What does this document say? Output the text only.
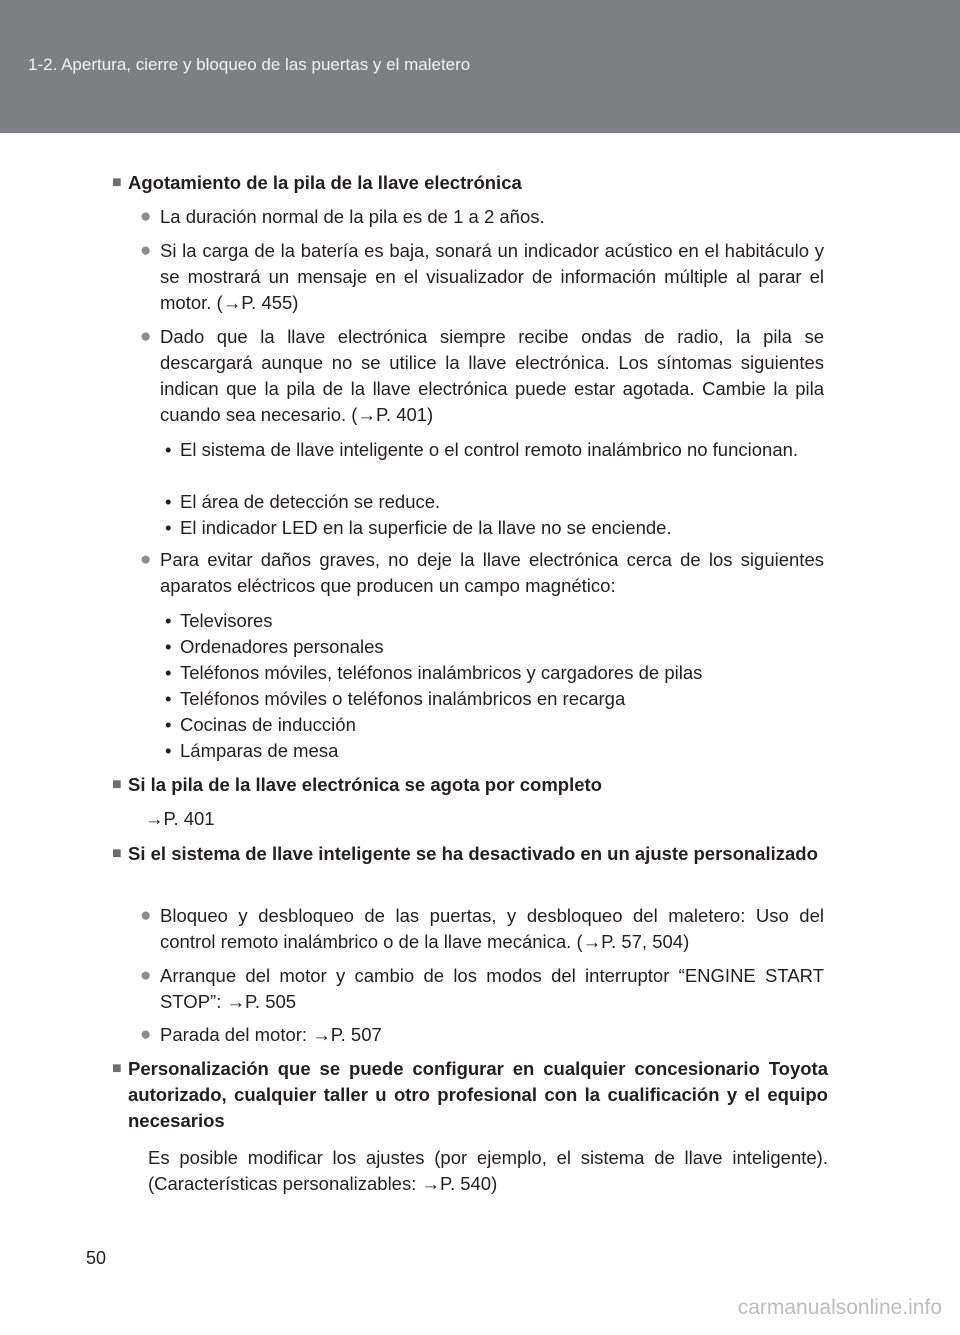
1-2. Apertura, cierre y bloqueo de las puertas y el maletero
■ Agotamiento de la pila de la llave electrónica
● La duración normal de la pila es de 1 a 2 años.
● Si la carga de la batería es baja, sonará un indicador acústico en el habitáculo y se mostrará un mensaje en el visualizador de información múltiple al parar el motor. (→P. 455)
● Dado que la llave electrónica siempre recibe ondas de radio, la pila se descargará aunque no se utilice la llave electrónica. Los síntomas siguientes indican que la pila de la llave electrónica puede estar agotada. Cambie la pila cuando sea necesario. (→P. 401)
• El sistema de llave inteligente o el control remoto inalámbrico no funcionan.
• El área de detección se reduce.
• El indicador LED en la superficie de la llave no se enciende.
● Para evitar daños graves, no deje la llave electrónica cerca de los siguientes aparatos eléctricos que producen un campo magnético:
• Televisores
• Ordenadores personales
• Teléfonos móviles, teléfonos inalámbricos y cargadores de pilas
• Teléfonos móviles o teléfonos inalámbricos en recarga
• Cocinas de inducción
• Lámparas de mesa
■ Si la pila de la llave electrónica se agota por completo
→P. 401
■ Si el sistema de llave inteligente se ha desactivado en un ajuste personalizado
● Bloqueo y desbloqueo de las puertas, y desbloqueo del maletero: Uso del control remoto inalámbrico o de la llave mecánica. (→P. 57, 504)
● Arranque del motor y cambio de los modos del interruptor “ENGINE START STOP”: →P. 505
● Parada del motor: →P. 507
■ Personalización que se puede configurar en cualquier concesionario Toyota autorizado, cualquier taller u otro profesional con la cualificación y el equipo necesarios
Es posible modificar los ajustes (por ejemplo, el sistema de llave inteligente). (Características personalizables: →P. 540)
50
carmanualsonline.info
